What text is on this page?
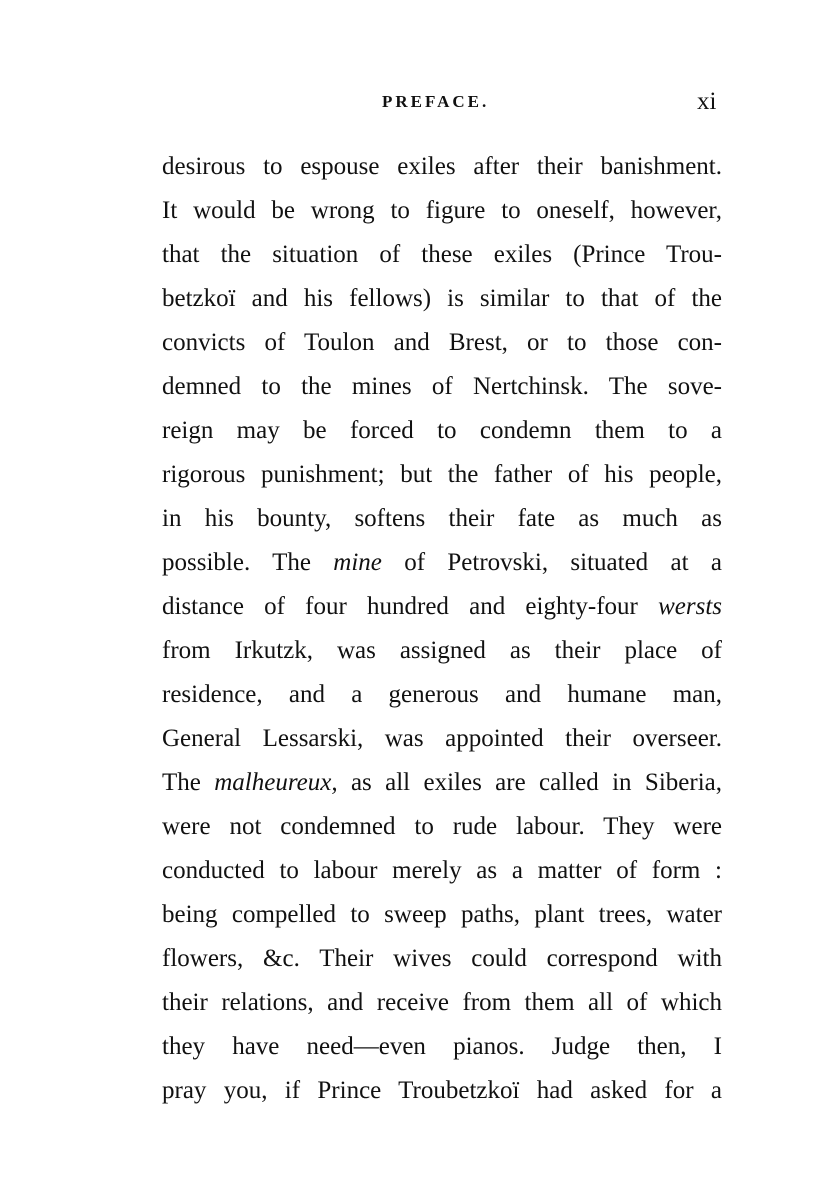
PREFACE.	xi
desirous to espouse exiles after their banishment.
It would be wrong to figure to oneself, however,
that the situation of these exiles (Prince Trou-
betzkoï and his fellows) is similar to that of the
convicts of Toulon and Brest, or to those con-
demned to the mines of Nertchinsk. The sove-
reign may be forced to condemn them to a
rigorous punishment; but the father of his people,
in his bounty, softens their fate as much as
possible. The mine of Petrovski, situated at a
distance of four hundred and eighty-four wersts
from Irkutzk, was assigned as their place of
residence, and a generous and humane man,
General Lessarski, was appointed their overseer.
The malheureux, as all exiles are called in Siberia,
were not condemned to rude labour. They were
conducted to labour merely as a matter of form :
being compelled to sweep paths, plant trees, water
flowers, &c. Their wives could correspond with
their relations, and receive from them all of which
they have need—even pianos. Judge then, I
pray you, if Prince Troubetzkoï had asked for a
